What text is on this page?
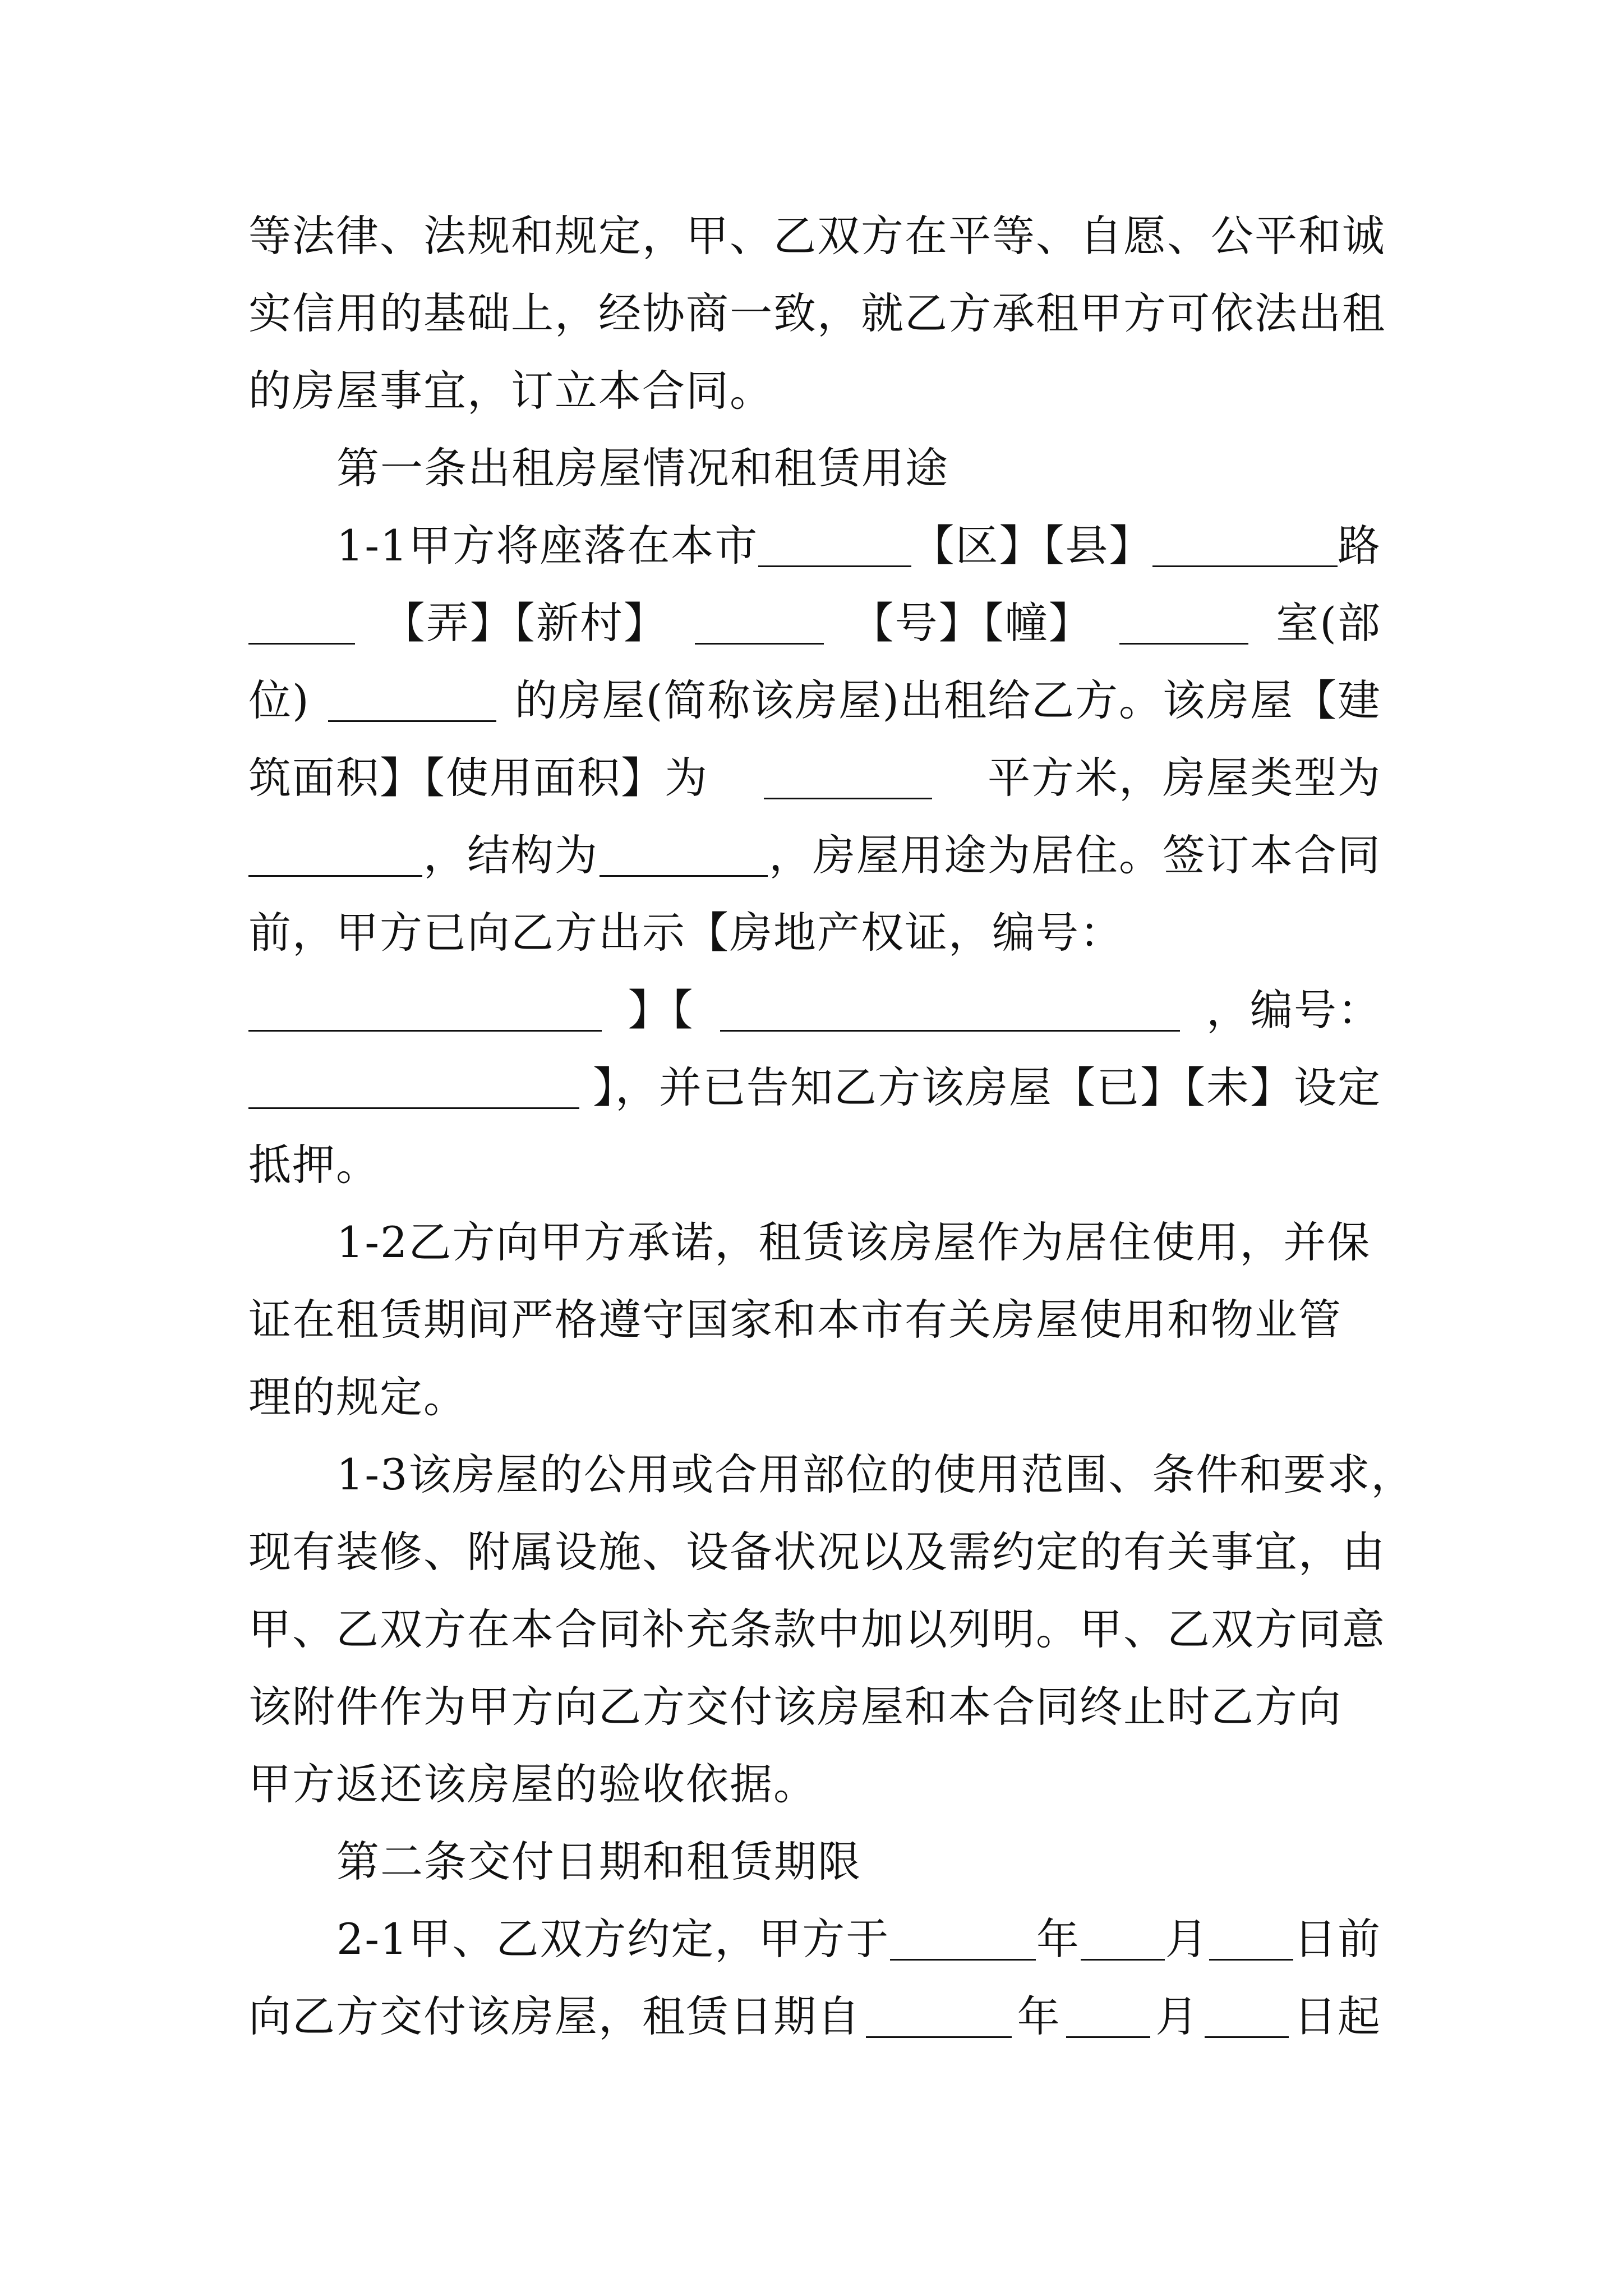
等法律、法规和规定，甲、乙双方在平等、自愿、公平和诚
实信用的基础上，经协商一致，就乙方承租甲方可依法出租
的房屋事宜，订立本合同。
第一条出租房屋情况和租赁用途
1-1甲方将座落在本市	【区】【县】	路
【弄】【新村】	【号】【幢】	室(部
位)	的房屋(简称该房屋)出租给乙方。该房屋【建
筑面积】【使用面积】为	平方米，房屋类型为
，结构为	，房屋用途为居住。签订本合同
前，甲方已向乙方出示【房地产权证，编号：
】【	，编号：
】，并已告知乙方该房屋【已】【未】设定
抵押。
1-2乙方向甲方承诺，租赁该房屋作为居住使用，并保
证在租赁期间严格遵守国家和本市有关房屋使用和物业管
理的规定。
1-3该房屋的公用或合用部位的使用范围、条件和要求，
现有装修、附属设施、设备状况以及需约定的有关事宜，由
甲、乙双方在本合同补充条款中加以列明。甲、乙双方同意
该附件作为甲方向乙方交付该房屋和本合同终止时乙方向
甲方返还该房屋的验收依据。
第二条交付日期和租赁期限
2-1甲、乙双方约定，甲方于	年 月 日前
向乙方交付该房屋，租赁日期自	年 月 日起
